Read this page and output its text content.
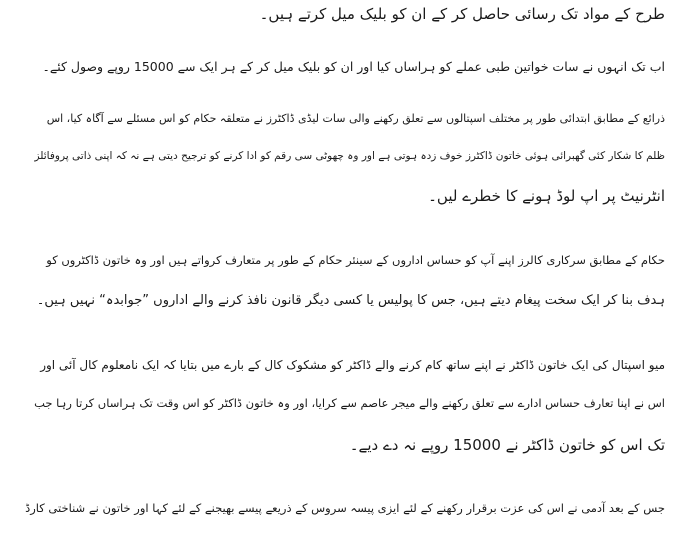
طرح کے مواد تک رسائی حاصل کر کے ان کو بلیک میل کرتے ہیں۔
اب تک انہوں نے سات خواتین طبی عملے کو ہراساں کیا اور ان کو بلیک میل کر کے ہر ایک سے 15000 روپے وصول کئے۔
ذرائع کے مطابق ابتدائی طور پر مختلف اسپتالوں سے تعلق رکھنے والی سات لیڈی ڈاکٹرز نے متعلقہ حکام کو اس مسئلے سے آگاہ کیا، اس
ظلم کا شکار کئی گھبرائی ہوئی خاتون ڈاکٹرز خوف زدہ ہوتی ہے اور وہ چھوٹی سی رقم کو ادا کرنے کو ترجیح دیتی ہے نہ کہ اپنی ذاتی پروفائلز
انٹرنیٹ پر اپ لوڈ ہونے کا خطرے لیں۔
حکام کے مطابق سرکاری کالرز اپنے آپ کو حساس اداروں کے سینئر حکام کے طور پر متعارف کرواتے ہیں اور وہ خاتون ڈاکٹروں کو
ہدف بنا کر ایک سخت پیغام دیتے ہیں، جس کا پولیس یا کسی دیگر قانون نافذ کرنے والے اداروں ”جوابدہ“ نہیں ہیں۔
میو اسپتال کی ایک خاتون ڈاکٹر نے اپنے ساتھ کام کرنے والے ڈاکٹر کو مشکوک کال کے بارے میں بتایا کہ ایک نامعلوم کال آئی اور
اس نے اپنا تعارف حساس ادارے سے تعلق رکھنے والے میجر عاصم سے کرایا، اور وہ خاتون ڈاکٹر کو اس وقت تک ہراساں کرتا رہا جب
تک اس کو خاتون ڈاکٹر نے 15000 روپے نہ دے دیے۔
جس کے بعد آدمی نے اس کی عزت برقرار رکھنے کے لئے ایزی پیسہ سروس کے ذریعے پیسے بھیجنے کے لئے کہا اور خاتون نے شناختی کارڈ
